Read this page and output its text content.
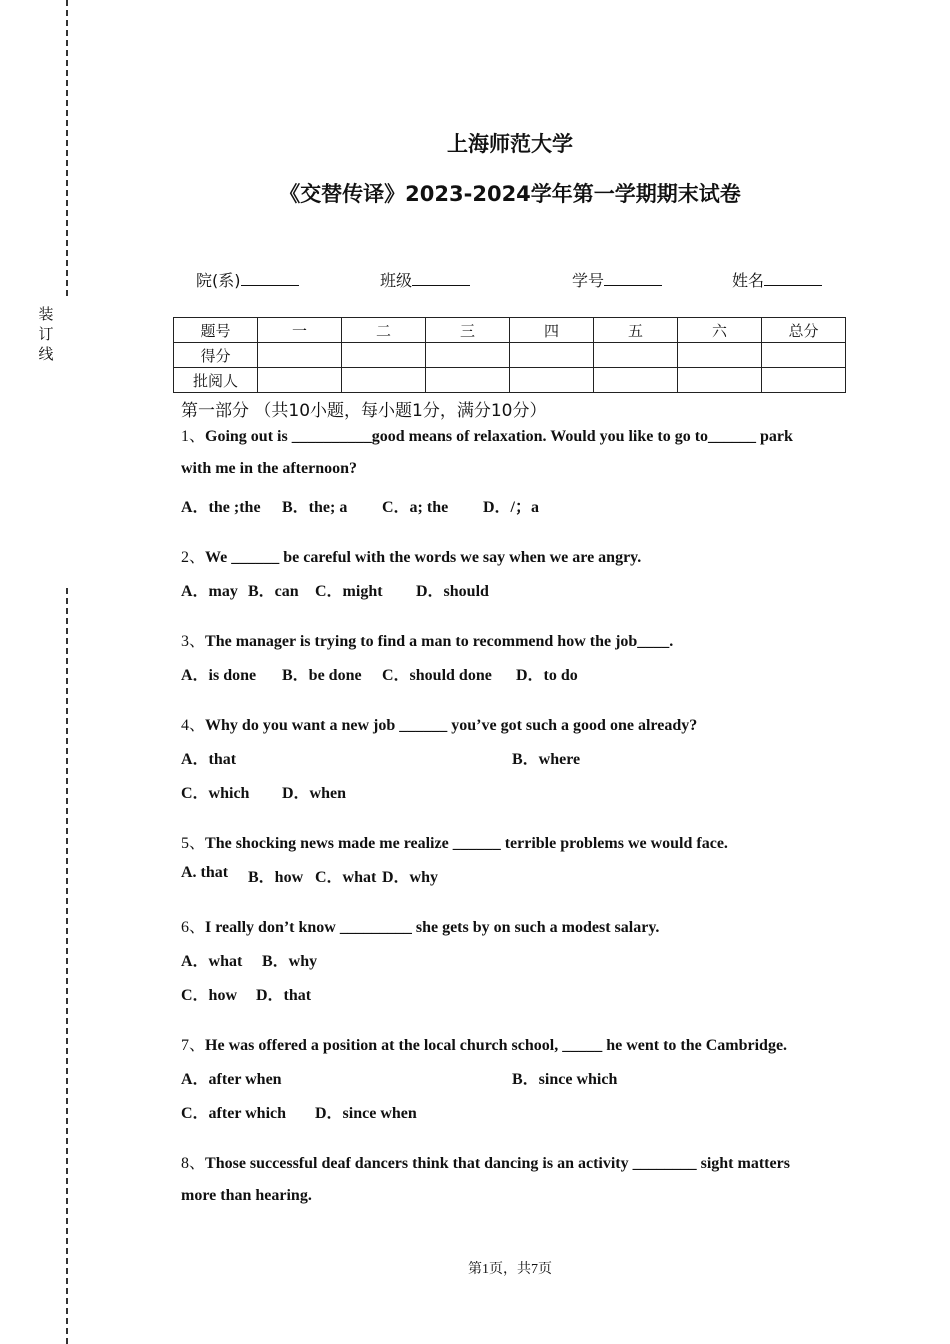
装
订
线
上海师范大学
《交替传译》2023-2024学年第一学期期末试卷
院(系)	班级	学号	姓名
题号	一	二	三	四	五	六	总分
得分							
批阅人							
第一部分 （共10小题，每小题1分，满分10分）
1、Going out is __________good means of relaxation. Would you like to go to______ park
with me in the afternoon?
A．the ;the B．the; a C．a; the D．/；a
2、We ______ be careful with the words we say when we are angry.
A．may B．can C．might D．should
3、The manager is trying to find a man to recommend how the job____.
A．is done B．be done C．should done D．to do
4、Why do you want a new job ______ you’ve got such a good one already?
A．that	B．where
C．which D．when
5、The shocking news made me realize ______ terrible problems we would face.
A. that B．how C．what D．why
6、I really don’t know _________ she gets by on such a modest salary.
A．what B．why
C．how D．that
7、He was offered a position at the local church school, _____ he went to the Cambridge.
A．after when	B．since which
C．after which D．since when
8、Those successful deaf dancers think that dancing is an activity ________ sight matters
more than hearing.
第1页，共7页
